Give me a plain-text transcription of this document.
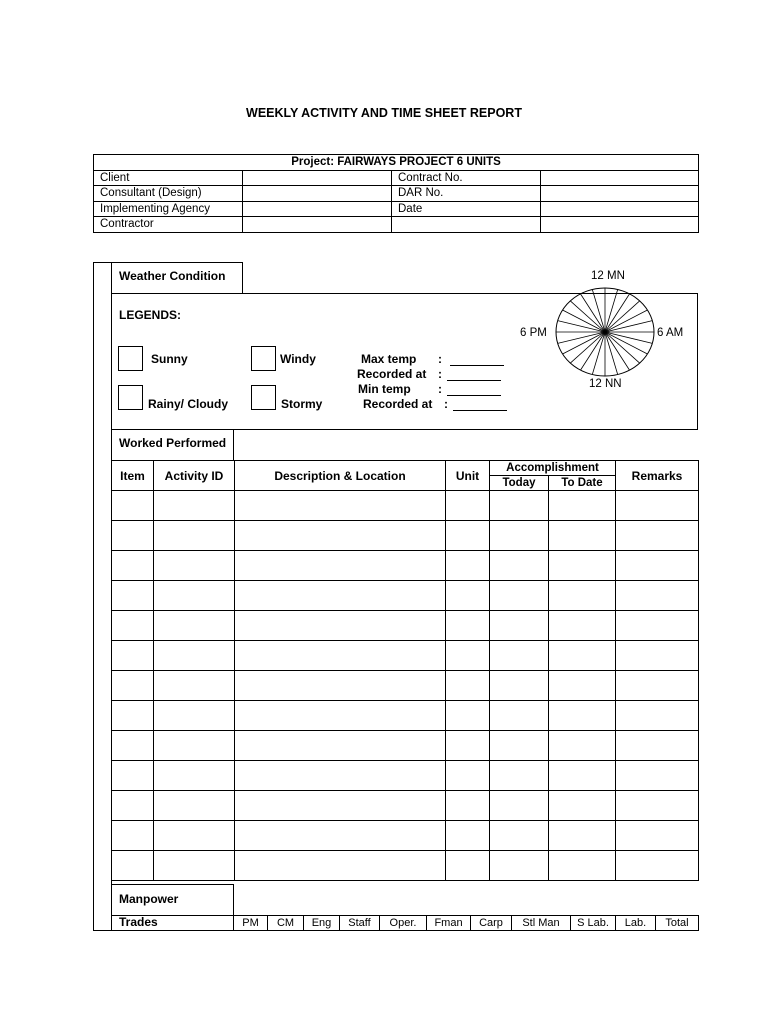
WEEKLY ACTIVITY AND TIME SHEET REPORT
Project: FAIRWAYS PROJECT 6 UNITS			
Client		Contract No.	
Consultant (Design)		DAR No.	
Implementing Agency		Date	
Contractor			
Weather Condition
LEGENDS:
Sunny	Windy
Rainy/ Cloudy	Stormy
Max temp :
Recorded at :
Min temp :
Recorded at :
12 MN
12 NN
6 PM	6 AM
Worked Performed
Item	Activity ID	Description & Location	Unit	Accomplishment		Remarks
				Today	To Date	

Manpower
Trades	PM	CM	Eng	Staff	Oper.	Fman	Carp	Stl Man	S Lab.	Lab.	Total
